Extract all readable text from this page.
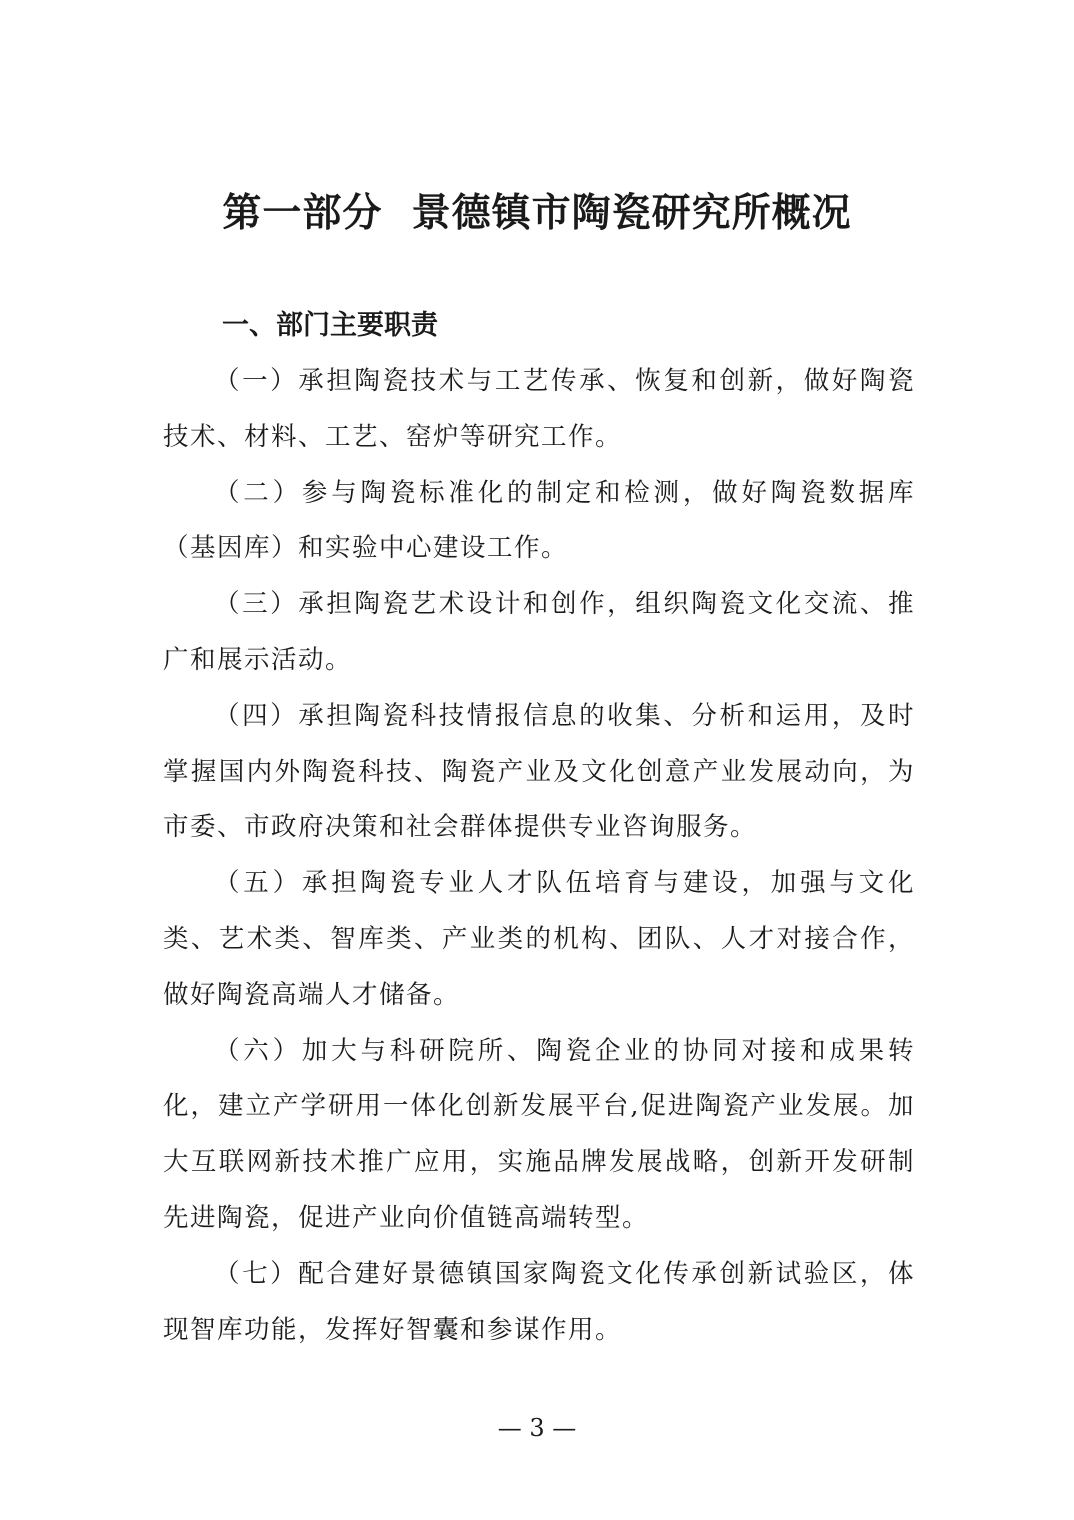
第一部分  景德镇市陶瓷研究所概况
一、部门主要职责

（一）承担陶瓷技术与工艺传承、恢复和创新，做好陶瓷技术、材料、工艺、窑炉等研究工作。

（二）参与陶瓷标准化的制定和检测，做好陶瓷数据库（基因库）和实验中心建设工作。

（三）承担陶瓷艺术设计和创作，组织陶瓷文化交流、推广和展示活动。

（四）承担陶瓷科技情报信息的收集、分析和运用，及时掌握国内外陶瓷科技、陶瓷产业及文化创意产业发展动向，为市委、市政府决策和社会群体提供专业咨询服务。

（五）承担陶瓷专业人才队伍培育与建设，加强与文化类、艺术类、智库类、产业类的机构、团队、人才对接合作，做好陶瓷高端人才储备。

（六）加大与科研院所、陶瓷企业的协同对接和成果转化，建立产学研用一体化创新发展平台,促进陶瓷产业发展。加大互联网新技术推广应用，实施品牌发展战略，创新开发研制先进陶瓷，促进产业向价值链高端转型。

（七）配合建好景德镇国家陶瓷文化传承创新试验区，体现智库功能，发挥好智囊和参谋作用。

— 3 —
